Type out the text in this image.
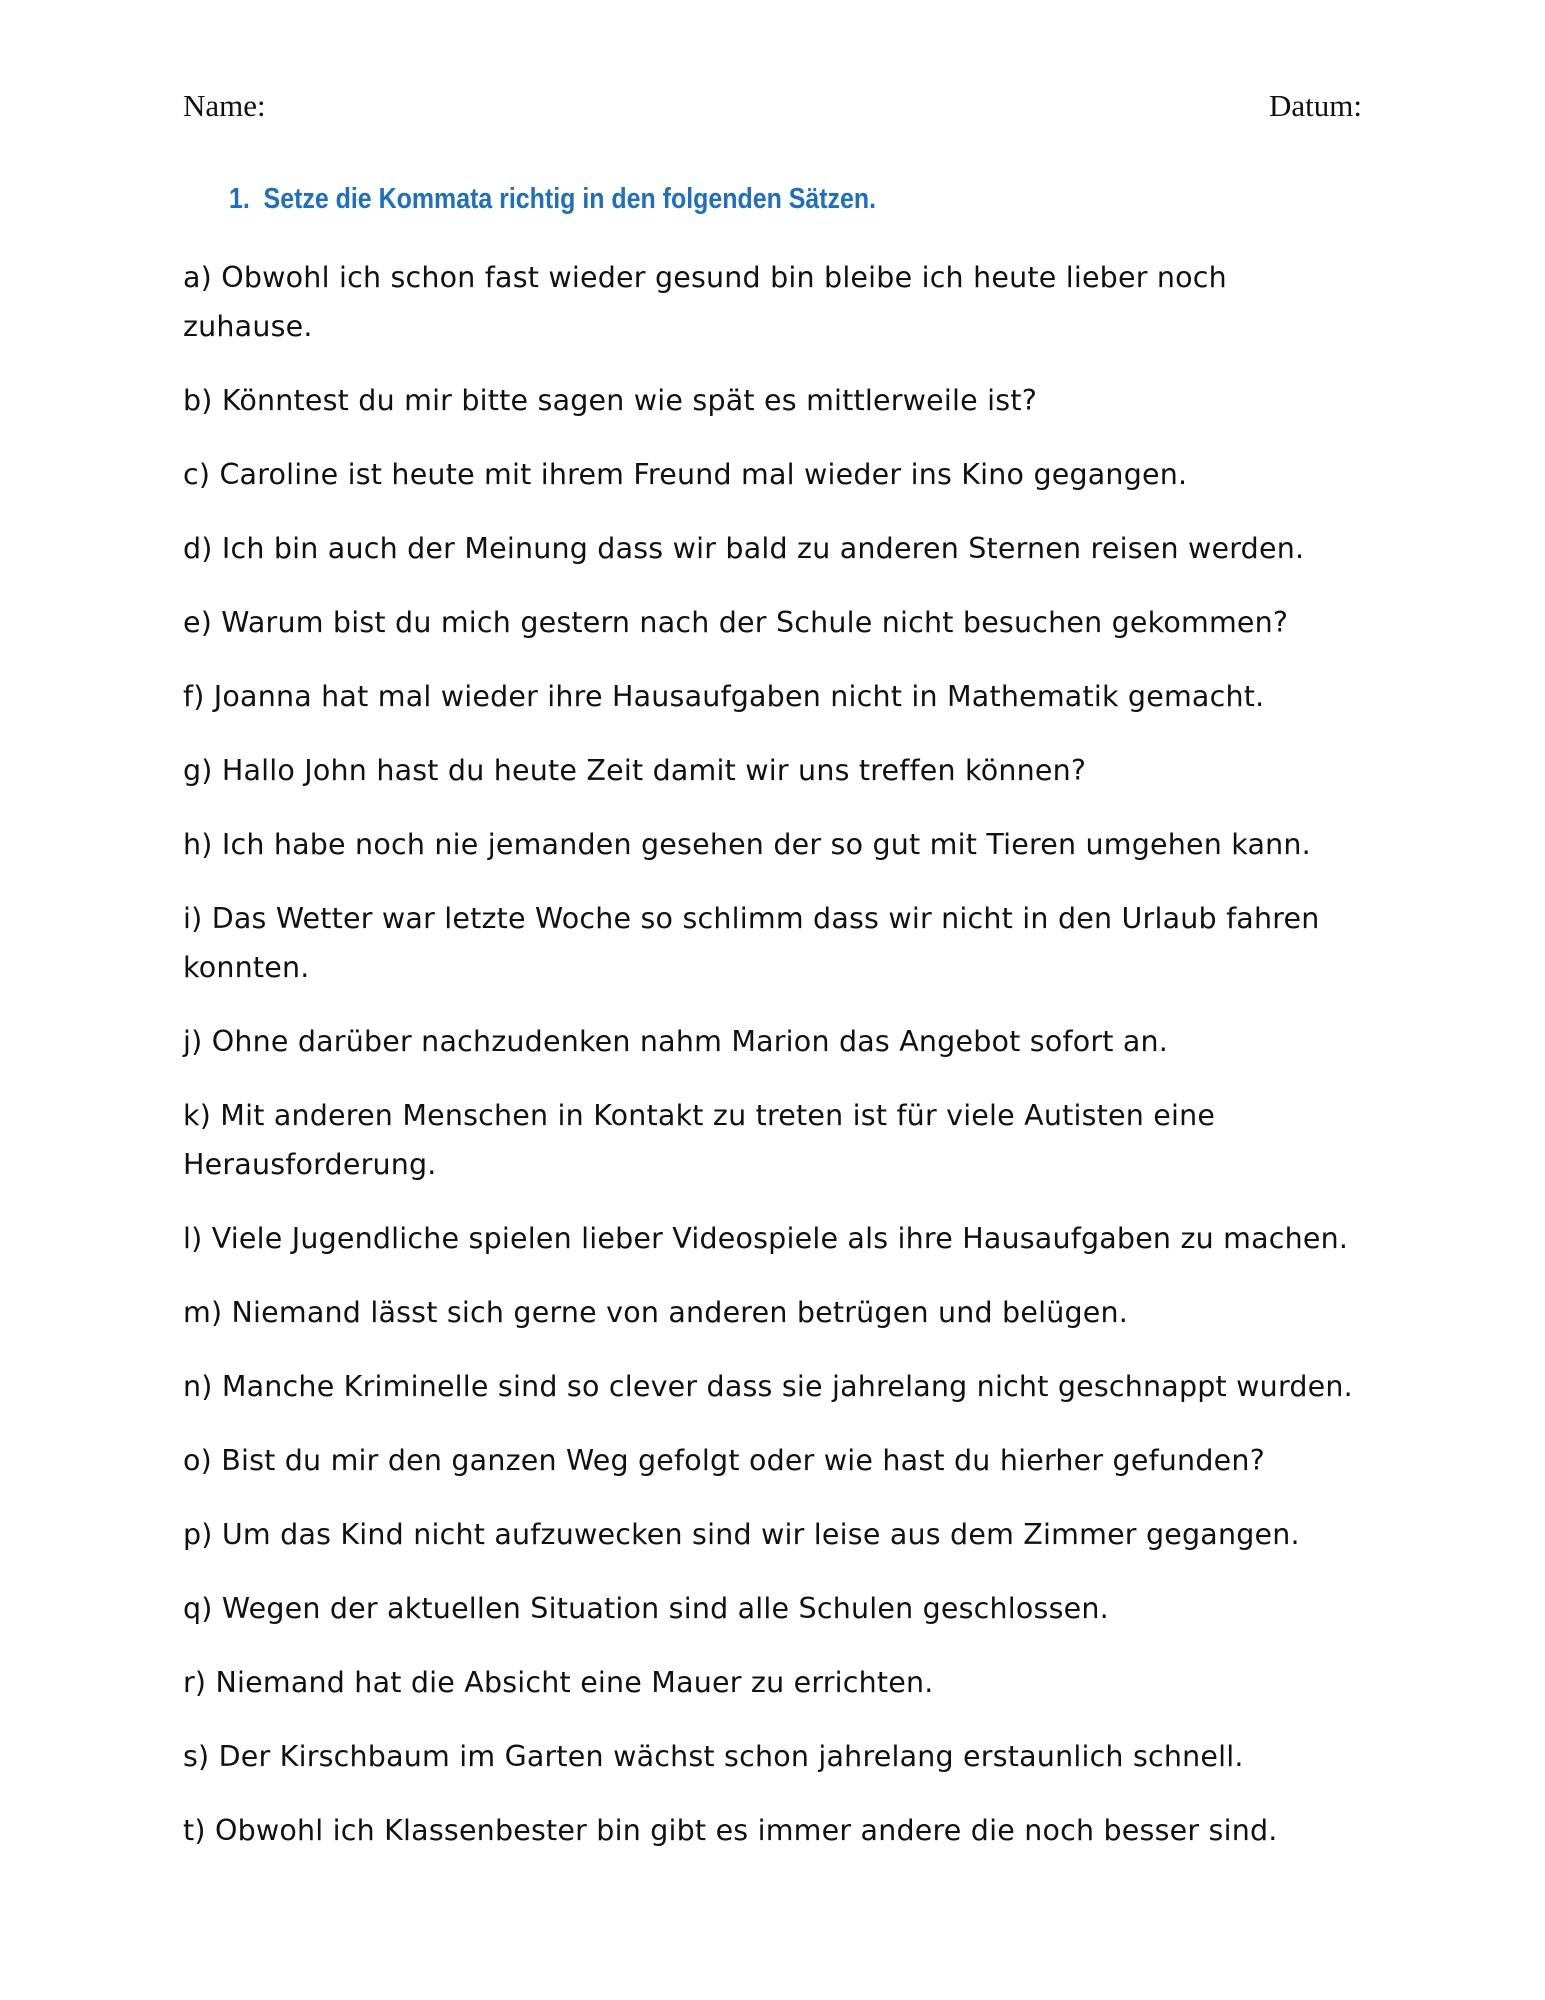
Name:	Datum:
1. Setze die Kommata richtig in den folgenden Sätzen.

a) Obwohl ich schon fast wieder gesund bin bleibe ich heute lieber noch zuhause.

b) Könntest du mir bitte sagen wie spät es mittlerweile ist?

c) Caroline ist heute mit ihrem Freund mal wieder ins Kino gegangen.

d) Ich bin auch der Meinung dass wir bald zu anderen Sternen reisen werden.

e) Warum bist du mich gestern nach der Schule nicht besuchen gekommen?

f) Joanna hat mal wieder ihre Hausaufgaben nicht in Mathematik gemacht.

g) Hallo John hast du heute Zeit damit wir uns treffen können?

h) Ich habe noch nie jemanden gesehen der so gut mit Tieren umgehen kann.

i) Das Wetter war letzte Woche so schlimm dass wir nicht in den Urlaub fahren konnten.

j) Ohne darüber nachzudenken nahm Marion das Angebot sofort an.

k) Mit anderen Menschen in Kontakt zu treten ist für viele Autisten eine Herausforderung.

l) Viele Jugendliche spielen lieber Videospiele als ihre Hausaufgaben zu machen.

m) Niemand lässt sich gerne von anderen betrügen und belügen.

n) Manche Kriminelle sind so clever dass sie jahrelang nicht geschnappt wurden.

o) Bist du mir den ganzen Weg gefolgt oder wie hast du hierher gefunden?

p) Um das Kind nicht aufzuwecken sind wir leise aus dem Zimmer gegangen.

q) Wegen der aktuellen Situation sind alle Schulen geschlossen.

r) Niemand hat die Absicht eine Mauer zu errichten.

s) Der Kirschbaum im Garten wächst schon jahrelang erstaunlich schnell.

t) Obwohl ich Klassenbester bin gibt es immer andere die noch besser sind.
